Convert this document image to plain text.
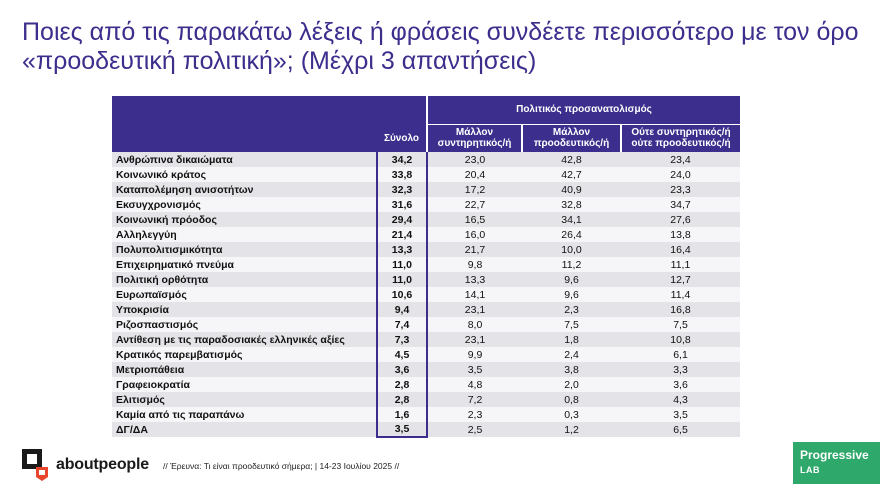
Ποιες από τις παρακάτω λέξεις ή φράσεις συνδέετε περισσότερο με τον όρο «προοδευτική πολιτική»; (Μέχρι 3 απαντήσεις)
		Πολιτικός προσανατολισμός		
	Σύνολο	Μάλλον συντηρητικός/ή	Μάλλον προοδευτικός/ή	Ούτε συντηρητικός/ή ούτε προοδευτικός/ή
Ανθρώπινα δικαιώματα	34,2	23,0	42,8	23,4
Κοινωνικό κράτος	33,8	20,4	42,7	24,0
Καταπολέμηση ανισοτήτων	32,3	17,2	40,9	23,3
Εκσυγχρονισμός	31,6	22,7	32,8	34,7
Κοινωνική πρόοδος	29,4	16,5	34,1	27,6
Αλληλεγγύη	21,4	16,0	26,4	13,8
Πολυπολιτισμικότητα	13,3	21,7	10,0	16,4
Επιχειρηματικό πνεύμα	11,0	9,8	11,2	11,1
Πολιτική ορθότητα	11,0	13,3	9,6	12,7
Ευρωπαϊσμός	10,6	14,1	9,6	11,4
Υποκρισία	9,4	23,1	2,3	16,8
Ριζοσπαστισμός	7,4	8,0	7,5	7,5
Αντίθεση με τις παραδοσιακές ελληνικές αξίες	7,3	23,1	1,8	10,8
Κρατικός παρεμβατισμός	4,5	9,9	2,4	6,1
Μετριοπάθεια	3,6	3,5	3,8	3,3
Γραφειοκρατία	2,8	4,8	2,0	3,6
Ελιτισμός	2,8	7,2	0,8	4,3
Καμία από τις παραπάνω	1,6	2,3	0,3	3,5
ΔΓ/ΔΑ	3,5	2,5	1,2	6,5
aboutpeople // Έρευνα: Τι είναι προοδευτικό σήμερα; | 14-23 Ιουλίου 2025 //
Progressive
LAB
